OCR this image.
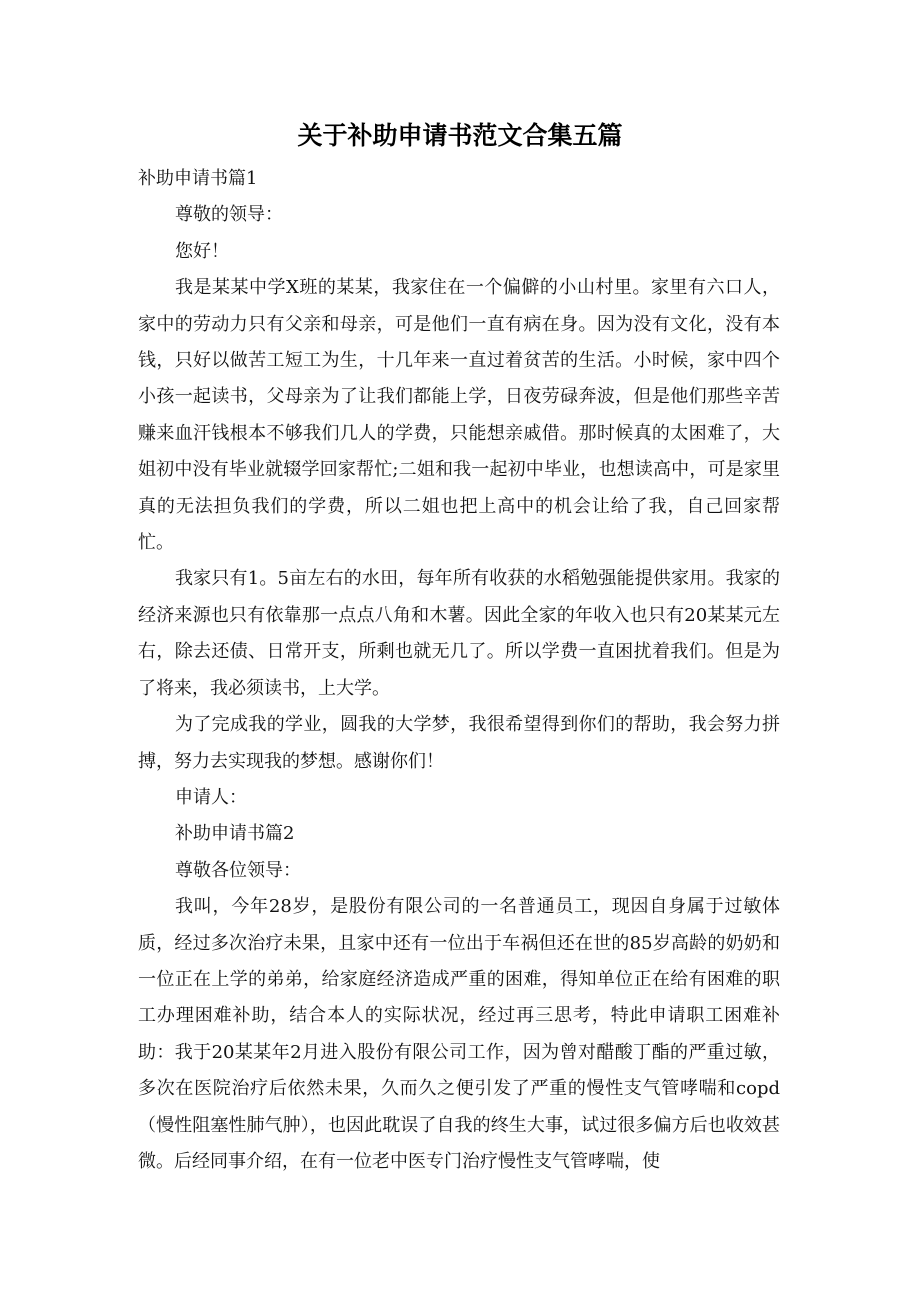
关于补助申请书范文合集五篇

补助申请书篇1

尊敬的领导：

您好！

我是某某中学X班的某某，我家住在一个偏僻的小山村里。家里有六口人，家中的劳动力只有父亲和母亲，可是他们一直有病在身。因为没有文化，没有本钱，只好以做苦工短工为生，十几年来一直过着贫苦的生活。小时候，家中四个小孩一起读书，父母亲为了让我们都能上学，日夜劳碌奔波，但是他们那些辛苦赚来血汗钱根本不够我们几人的学费，只能想亲戚借。那时候真的太困难了，大姐初中没有毕业就辍学回家帮忙;二姐和我一起初中毕业，也想读高中，可是家里真的无法担负我们的学费，所以二姐也把上高中的机会让给了我，自己回家帮忙。

我家只有1。5亩左右的水田，每年所有收获的水稻勉强能提供家用。我家的经济来源也只有依靠那一点点八角和木薯。因此全家的年收入也只有20某某元左右，除去还债、日常开支，所剩也就无几了。所以学费一直困扰着我们。但是为了将来，我必须读书，上大学。

为了完成我的学业，圆我的大学梦，我很希望得到你们的帮助，我会努力拼搏，努力去实现我的梦想。感谢你们！

申请人：

补助申请书篇2

尊敬各位领导：

我叫，今年28岁，是股份有限公司的一名普通员工，现因自身属于过敏体质，经过多次治疗未果，且家中还有一位出于车祸但还在世的85岁高龄的奶奶和一位正在上学的弟弟，给家庭经济造成严重的困难，得知单位正在给有困难的职工办理困难补助，结合本人的实际状况，经过再三思考，特此申请职工困难补助：我于20某某年2月进入股份有限公司工作，因为曾对醋酸丁酯的严重过敏，多次在医院治疗后依然未果，久而久之便引发了严重的慢性支气管哮喘和copd（慢性阻塞性肺气肿），也因此耽误了自我的终生大事，试过很多偏方后也收效甚微。后经同事介绍，在有一位老中医专门治疗慢性支气管哮喘，使
